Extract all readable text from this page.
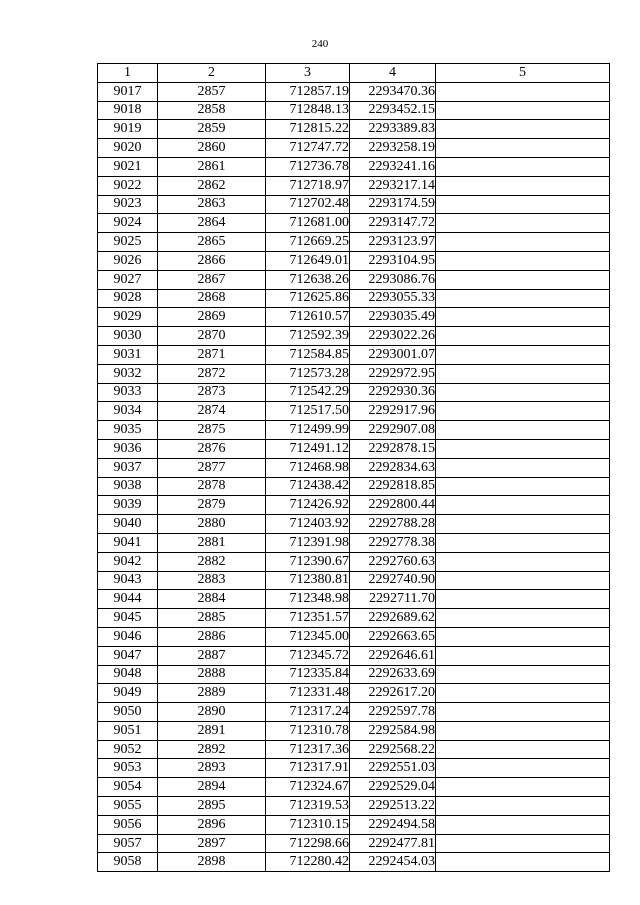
240
1	2	3	4	5
9017	2857	712857.19	2293470.36	
9018	2858	712848.13	2293452.15	
9019	2859	712815.22	2293389.83	
9020	2860	712747.72	2293258.19	
9021	2861	712736.78	2293241.16	
9022	2862	712718.97	2293217.14	
9023	2863	712702.48	2293174.59	
9024	2864	712681.00	2293147.72	
9025	2865	712669.25	2293123.97	
9026	2866	712649.01	2293104.95	
9027	2867	712638.26	2293086.76	
9028	2868	712625.86	2293055.33	
9029	2869	712610.57	2293035.49	
9030	2870	712592.39	2293022.26	
9031	2871	712584.85	2293001.07	
9032	2872	712573.28	2292972.95	
9033	2873	712542.29	2292930.36	
9034	2874	712517.50	2292917.96	
9035	2875	712499.99	2292907.08	
9036	2876	712491.12	2292878.15	
9037	2877	712468.98	2292834.63	
9038	2878	712438.42	2292818.85	
9039	2879	712426.92	2292800.44	
9040	2880	712403.92	2292788.28	
9041	2881	712391.98	2292778.38	
9042	2882	712390.67	2292760.63	
9043	2883	712380.81	2292740.90	
9044	2884	712348.98	2292711.70	
9045	2885	712351.57	2292689.62	
9046	2886	712345.00	2292663.65	
9047	2887	712345.72	2292646.61	
9048	2888	712335.84	2292633.69	
9049	2889	712331.48	2292617.20	
9050	2890	712317.24	2292597.78	
9051	2891	712310.78	2292584.98	
9052	2892	712317.36	2292568.22	
9053	2893	712317.91	2292551.03	
9054	2894	712324.67	2292529.04	
9055	2895	712319.53	2292513.22	
9056	2896	712310.15	2292494.58	
9057	2897	712298.66	2292477.81	
9058	2898	712280.42	2292454.03	
